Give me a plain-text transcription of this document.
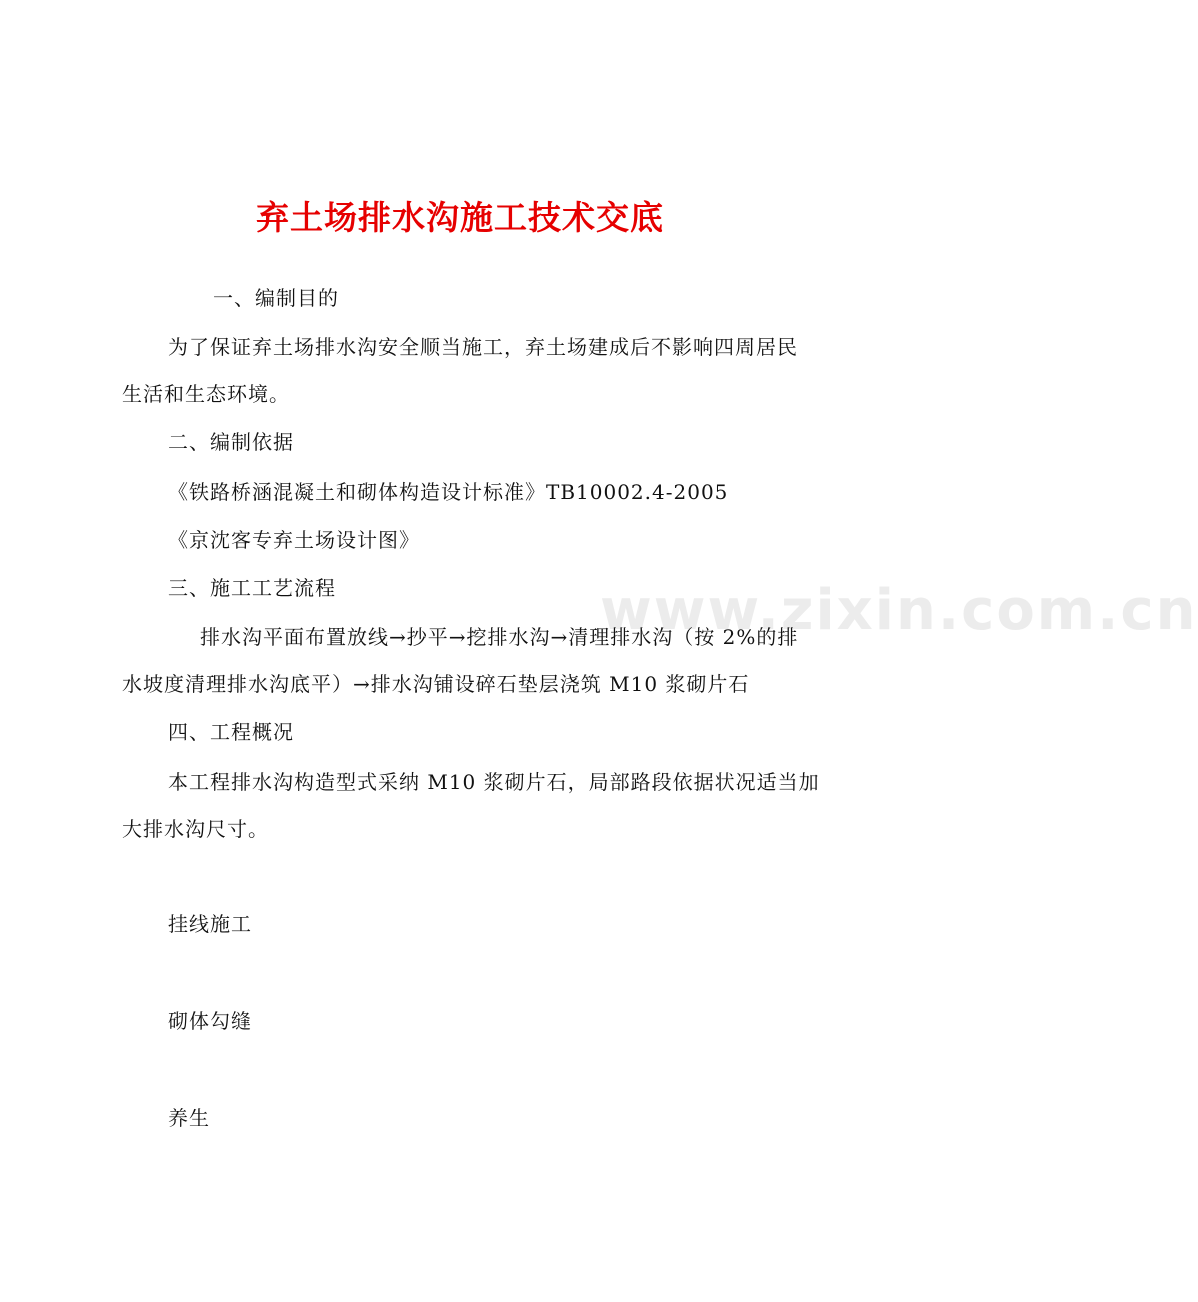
www.zixin.com.cn
弃土场排水沟施工技术交底
一、编制目的
为了保证弃土场排水沟安全顺当施工，弃土场建成后不影响四周居民
生活和生态环境。
二、编制依据
《铁路桥涵混凝土和砌体构造设计标准》TB10002.4-2005
《京沈客专弃土场设计图》
三、施工工艺流程
排水沟平面布置放线→抄平→挖排水沟→清理排水沟（按 2%的排
水坡度清理排水沟底平）→排水沟铺设碎石垫层浇筑 M10 浆砌片石
四、工程概况
本工程排水沟构造型式采纳 M10 浆砌片石，局部路段依据状况适当加
大排水沟尺寸。
挂线施工
砌体勾缝
养生
